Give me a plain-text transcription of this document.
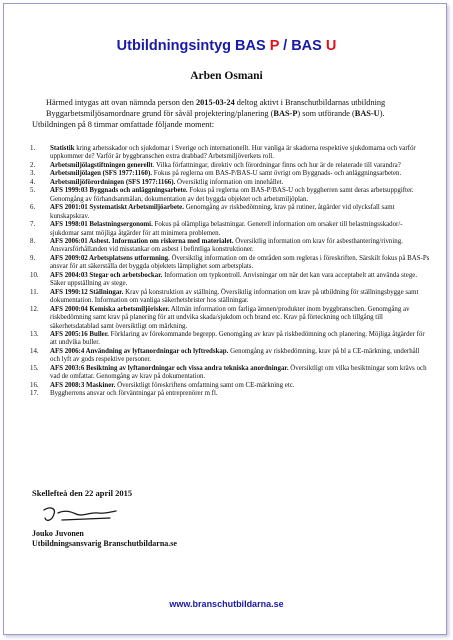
Utbildningsintyg BAS P / BAS U
Arben Osmani
Härmed intygas att ovan nämnda person den 2015-03-24 deltog aktivt i Branschutbildarnas utbildning
Byggarbetsmiljösamordnare grund för såväl projektering/planering (BAS-P) som utförande (BAS-U).
Utbildningen på 8 timmar omfattade följande moment:
1. Statistik kring arbetsskador och sjukdomar i Sverige och internationellt. Hur vanliga är skadorna respektive sjukdomarna och varför uppkommer de? Varför är byggbranschen extra drabbad? Arbetsmiljöverkets roll.
2. Arbetsmiljölagstiftningen generellt. Vilka författningar, direktiv och förordningar finns och hur är de relaterade till varandra?
3. Arbetsmiljölagen (SFS 1977:1160). Fokus på reglerna om BAS-P/BAS-U samt övrigt om Byggnads- och anläggningsarbeten.
4. Arbetsmiljöförordningen (SFS 1977:1166). Översiktlig information om innehållet.
5. AFS 1999:03 Byggnads och anläggningsarbete. Fokus på reglerna om BAS-P/BAS-U och byggherren samt deras arbetsuppgifter. Genomgång av förhandsanmälan, dokumentation av det byggda objektet och arbetsmiljöplan.
6. AFS 2001:01 Systematiskt Arbetsmiljöarbete. Genomgång av riskbedömning, krav på rutiner, åtgärder vid olycksfall samt kunskapskrav.
7. AFS 1998:01 Belastningsergonomi. Fokus på olämpliga belastningar. Generell information om orsaker till belastningsskador/-sjukdomar samt möjliga åtgärder för att minimera problemen.
8. AFS 2006:01 Asbest. Information om riskerna med materialet. Översiktlig information om krav för asbesthantering/rivning. Ansvarsförhållanden vid misstankar om asbest i befintliga konstruktioner.
9. AFS 2009:02 Arbetsplatsens utformning. Översiktlig information om de områden som regleras i föreskriften. Särskilt fokus på BAS-Ps ansvar för att säkerställa det byggda objektets lämplighet som arbetsplats.
10. AFS 2004:03 Stegar och arbetsbockar. Information om typkontroll. Anvisningar om när det kan vara acceptabelt att använda stege. Säker uppställning av stege.
11. AFS 1990:12 Ställningar. Krav på konstruktion av ställning. Översiktlig information om krav på utbildning för ställningsbygge samt dokumentation. Information om vanliga säkerhetsbrister hos ställningar.
12. AFS 2000:04 Kemiska arbetsmiljörisker. Allmän information om farliga ämnen/produkter inom byggbranschen. Genomgång av riskbedömning samt krav på planering för att undvika skada/sjukdom och brand etc. Krav på förteckning och tillgång till säkerhetsdatablad samt översiktligt om märkning.
13. AFS 2005:16 Buller. Förklaring av förekommande begrepp. Genomgång av krav på riskbedömning och planering. Möjliga åtgärder för att undvika buller.
14. AFS 2006:4 Användning av lyftanordningar och lyftredskap. Genomgång av riskbedömning, krav på bl a CE-märkning, underhåll och lyft av gods respektive personer.
15. AFS 2003:6 Besiktning av lyftanordningar och vissa andra tekniska anordningar. Översiktligt om vilka besiktningar som krävs och vad de omfattar. Genomgång av krav på dokumentation.
16. AFS 2008:3 Maskiner. Översiktligt föreskriftens omfattning samt om CE-märkning etc.
17. Byggherrens ansvar och förväntningar på entreprenörer m fl.
Skellefteå den 22 april 2015
Jouko Juvonen
Utbildningsansvarig Branschutbildarna.se
www.branschutbildarna.se
